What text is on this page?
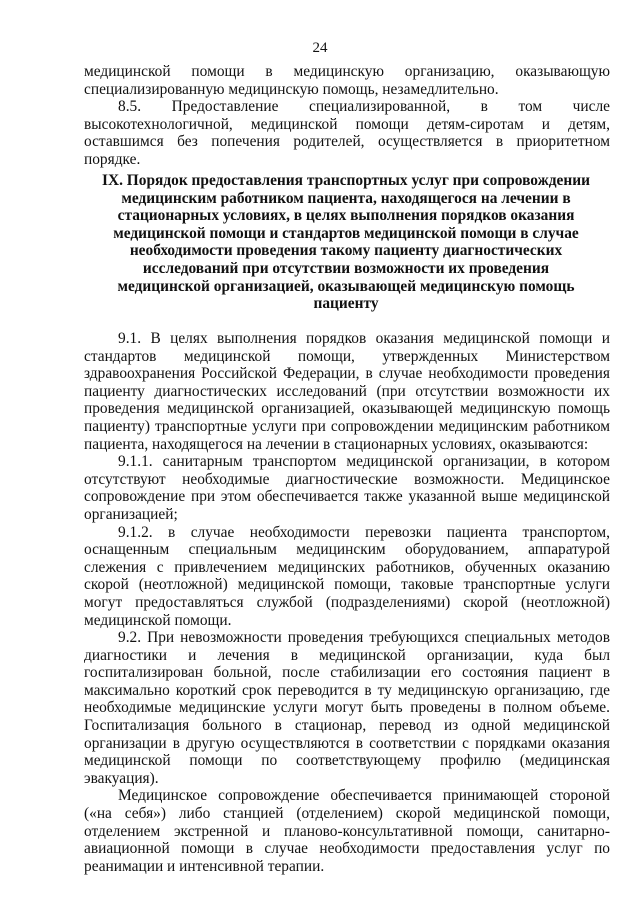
24

медицинской помощи в медицинскую организацию, оказывающую специализированную медицинскую помощь, незамедлительно.

8.5. Предоставление специализированной, в том числе высокотехнологичной, медицинской помощи детям-сиротам и детям, оставшимся без попечения родителей, осуществляется в приоритетном порядке.

IX. Порядок предоставления транспортных услуг при сопровождении медицинским работником пациента, находящегося на лечении в стационарных условиях, в целях выполнения порядков оказания медицинской помощи и стандартов медицинской помощи в случае необходимости проведения такому пациенту диагностических исследований при отсутствии возможности их проведения медицинской организацией, оказывающей медицинскую помощь пациенту

9.1. В целях выполнения порядков оказания медицинской помощи и стандартов медицинской помощи, утвержденных Министерством здравоохранения Российской Федерации, в случае необходимости проведения пациенту диагностических исследований (при отсутствии возможности их проведения медицинской организацией, оказывающей медицинскую помощь пациенту) транспортные услуги при сопровождении медицинским работником пациента, находящегося на лечении в стационарных условиях, оказываются:

9.1.1. санитарным транспортом медицинской организации, в котором отсутствуют необходимые диагностические возможности. Медицинское сопровождение при этом обеспечивается также указанной выше медицинской организацией;

9.1.2. в случае необходимости перевозки пациента транспортом, оснащенным специальным медицинским оборудованием, аппаратурой слежения с привлечением медицинских работников, обученных оказанию скорой (неотложной) медицинской помощи, таковые транспортные услуги могут предоставляться службой (подразделениями) скорой (неотложной) медицинской помощи.

9.2. При невозможности проведения требующихся специальных методов диагностики и лечения в медицинской организации, куда был госпитализирован больной, после стабилизации его состояния пациент в максимально короткий срок переводится в ту медицинскую организацию, где необходимые медицинские услуги могут быть проведены в полном объеме. Госпитализация больного в стационар, перевод из одной медицинской организации в другую осуществляются в соответствии с порядками оказания медицинской помощи по соответствующему профилю (медицинская эвакуация).

Медицинское сопровождение обеспечивается принимающей стороной («на себя») либо станцией (отделением) скорой медицинской помощи, отделением экстренной и планово-консультативной помощи, санитарно-авиационной помощи в случае необходимости предоставления услуг по реанимации и интенсивной терапии.
